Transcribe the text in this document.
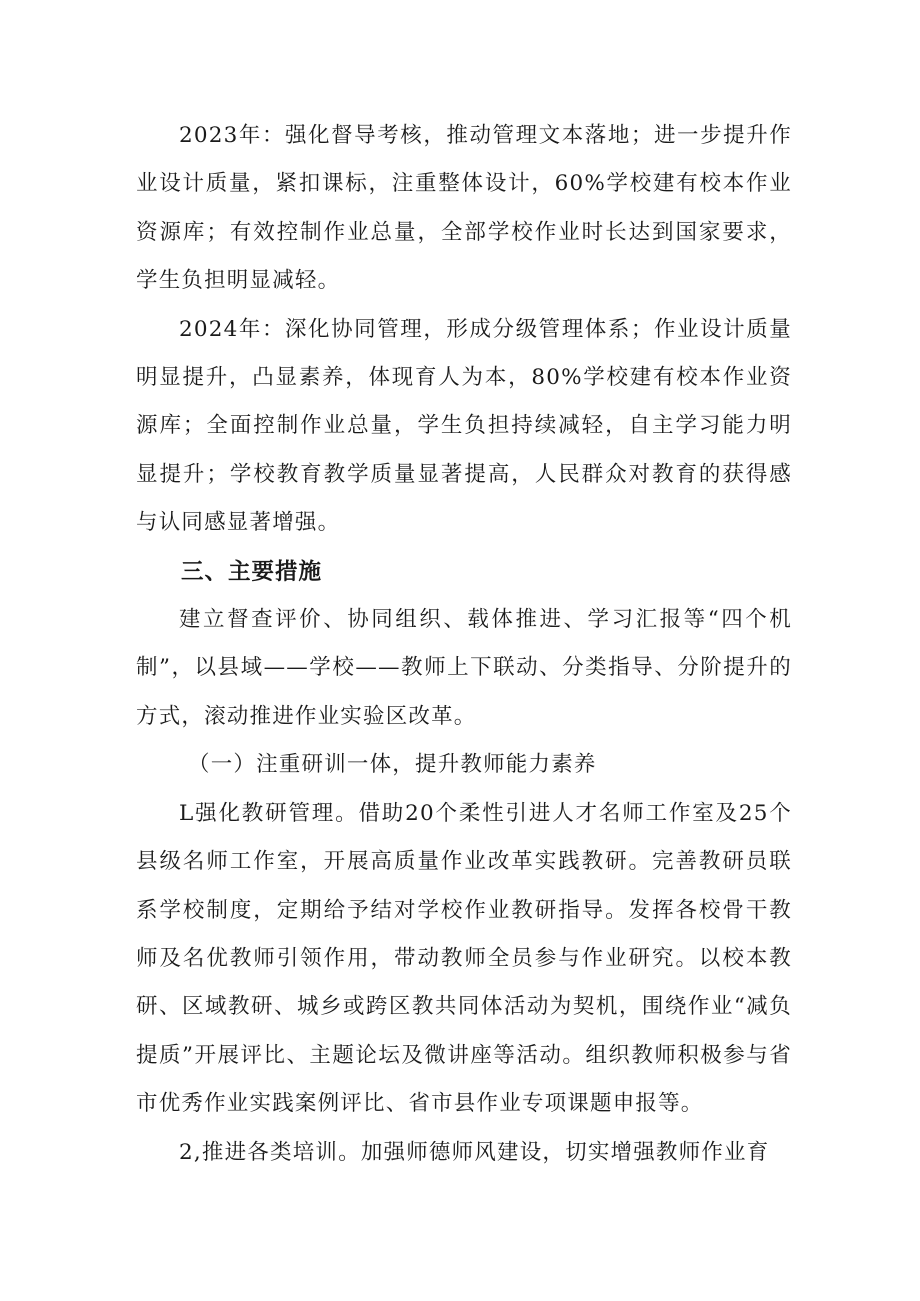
2023年：强化督导考核，推动管理文本落地；进一步提升作业设计质量，紧扣课标，注重整体设计，60%学校建有校本作业资源库；有效控制作业总量，全部学校作业时长达到国家要求，学生负担明显减轻。

2024年：深化协同管理，形成分级管理体系；作业设计质量明显提升，凸显素养，体现育人为本，80%学校建有校本作业资源库；全面控制作业总量，学生负担持续减轻，自主学习能力明显提升；学校教育教学质量显著提高，人民群众对教育的获得感与认同感显著增强。

三、主要措施

建立督查评价、协同组织、载体推进、学习汇报等“四个机制”，以县域——学校——教师上下联动、分类指导、分阶提升的方式，滚动推进作业实验区改革。

（一）注重研训一体，提升教师能力素养

L强化教研管理。借助20个柔性引进人才名师工作室及25个县级名师工作室，开展高质量作业改革实践教研。完善教研员联系学校制度，定期给予结对学校作业教研指导。发挥各校骨干教师及名优教师引领作用，带动教师全员参与作业研究。以校本教研、区域教研、城乡或跨区教共同体活动为契机，围绕作业“减负提质”开展评比、主题论坛及微讲座等活动。组织教师积极参与省市优秀作业实践案例评比、省市县作业专项课题申报等。

2,推进各类培训。加强师德师风建设，切实增强教师作业育
